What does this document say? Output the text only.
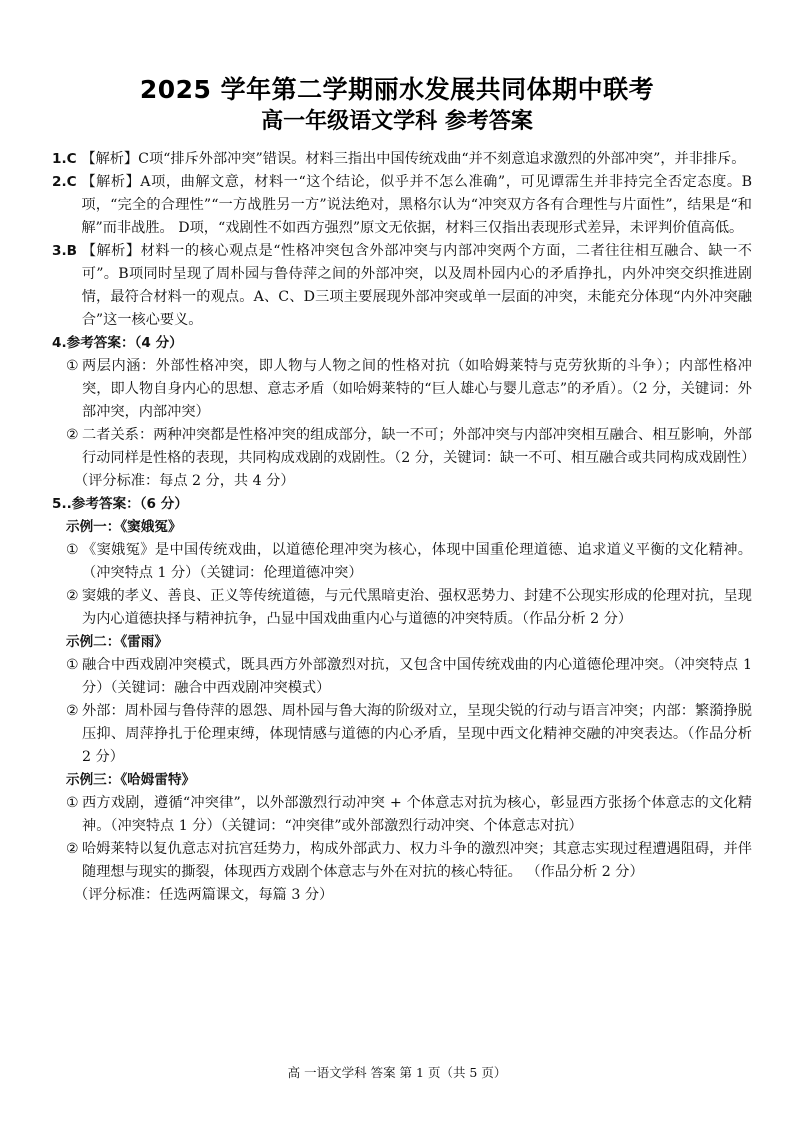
2025 学年第二学期丽水发展共同体期中联考
高一年级语文学科 参考答案
1.C 【解析】C项“排斥外部冲突”错误。材料三指出中国传统戏曲“并不刻意追求激烈的外部冲突”，并非排斥。
2.C 【解析】A项，曲解文意，材料一“这个结论，似乎并不怎么准确”，可见谭霈生并非持完全否定态度。B项，“完全的合理性”“一方战胜另一方”说法绝对，黑格尔认为“冲突双方各有合理性与片面性”，结果是“和解”而非战胜。 D项，“戏剧性不如西方强烈”原文无依据，材料三仅指出表现形式差异，未评判价值高低。
3.B 【解析】材料一的核心观点是“性格冲突包含外部冲突与内部冲突两个方面，二者往往相互融合、缺一不可”。B项同时呈现了周朴园与鲁侍萍之间的外部冲突，以及周朴园内心的矛盾挣扎，内外冲突交织推进剧情，最符合材料一的观点。A、C、D三项主要展现外部冲突或单一层面的冲突，未能充分体现“内外冲突融合”这一核心要义。
4.参考答案：（4 分）
① 两层内涵：外部性格冲突，即人物与人物之间的性格对抗（如哈姆莱特与克劳狄斯的斗争）；内部性格冲突，即人物自身内心的思想、意志矛盾（如哈姆莱特的“巨人雄心与婴儿意志”的矛盾）。（2 分，关键词：外部冲突，内部冲突）
② 二者关系：两种冲突都是性格冲突的组成部分，缺一不可；外部冲突与内部冲突相互融合、相互影响，外部行动同样是性格的表现，共同构成戏剧的戏剧性。（2 分，关键词：缺一不可、相互融合或共同构成戏剧性）
（评分标准：每点 2 分，共 4 分）
5..参考答案：（6 分）
示例一：《窦娥冤》
① 《窦娥冤》是中国传统戏曲，以道德伦理冲突为核心，体现中国重伦理道德、追求道义平衡的文化精神。（冲突特点 1 分）（关键词：伦理道德冲突）
② 窦娥的孝义、善良、正义等传统道德，与元代黑暗吏治、强权恶势力、封建不公现实形成的伦理对抗，呈现为内心道德抉择与精神抗争，凸显中国戏曲重内心与道德的冲突特质。（作品分析 2 分）
示例二：《雷雨》
① 融合中西戏剧冲突模式，既具西方外部激烈对抗，又包含中国传统戏曲的内心道德伦理冲突。（冲突特点 1 分）（关键词：融合中西戏剧冲突模式）
② 外部：周朴园与鲁侍萍的恩怨、周朴园与鲁大海的阶级对立，呈现尖锐的行动与语言冲突；内部：繁漪挣脱压抑、周萍挣扎于伦理束缚，体现情感与道德的内心矛盾，呈现中西文化精神交融的冲突表达。（作品分析 2 分）
示例三：《哈姆雷特》
① 西方戏剧，遵循“冲突律”，以外部激烈行动冲突 + 个体意志对抗为核心，彰显西方张扬个体意志的文化精神。（冲突特点 1 分）（关键词：“冲突律”或外部激烈行动冲突、个体意志对抗）
② 哈姆莱特以复仇意志对抗宫廷势力，构成外部武力、权力斗争的激烈冲突；其意志实现过程遭遇阻碍，并伴随理想与现实的撕裂，体现西方戏剧个体意志与外在对抗的核心特征。 （作品分析 2 分）
（评分标准：任选两篇课文，每篇 3 分）
高 一语文学科 答案 第 1 页（共 5 页）
